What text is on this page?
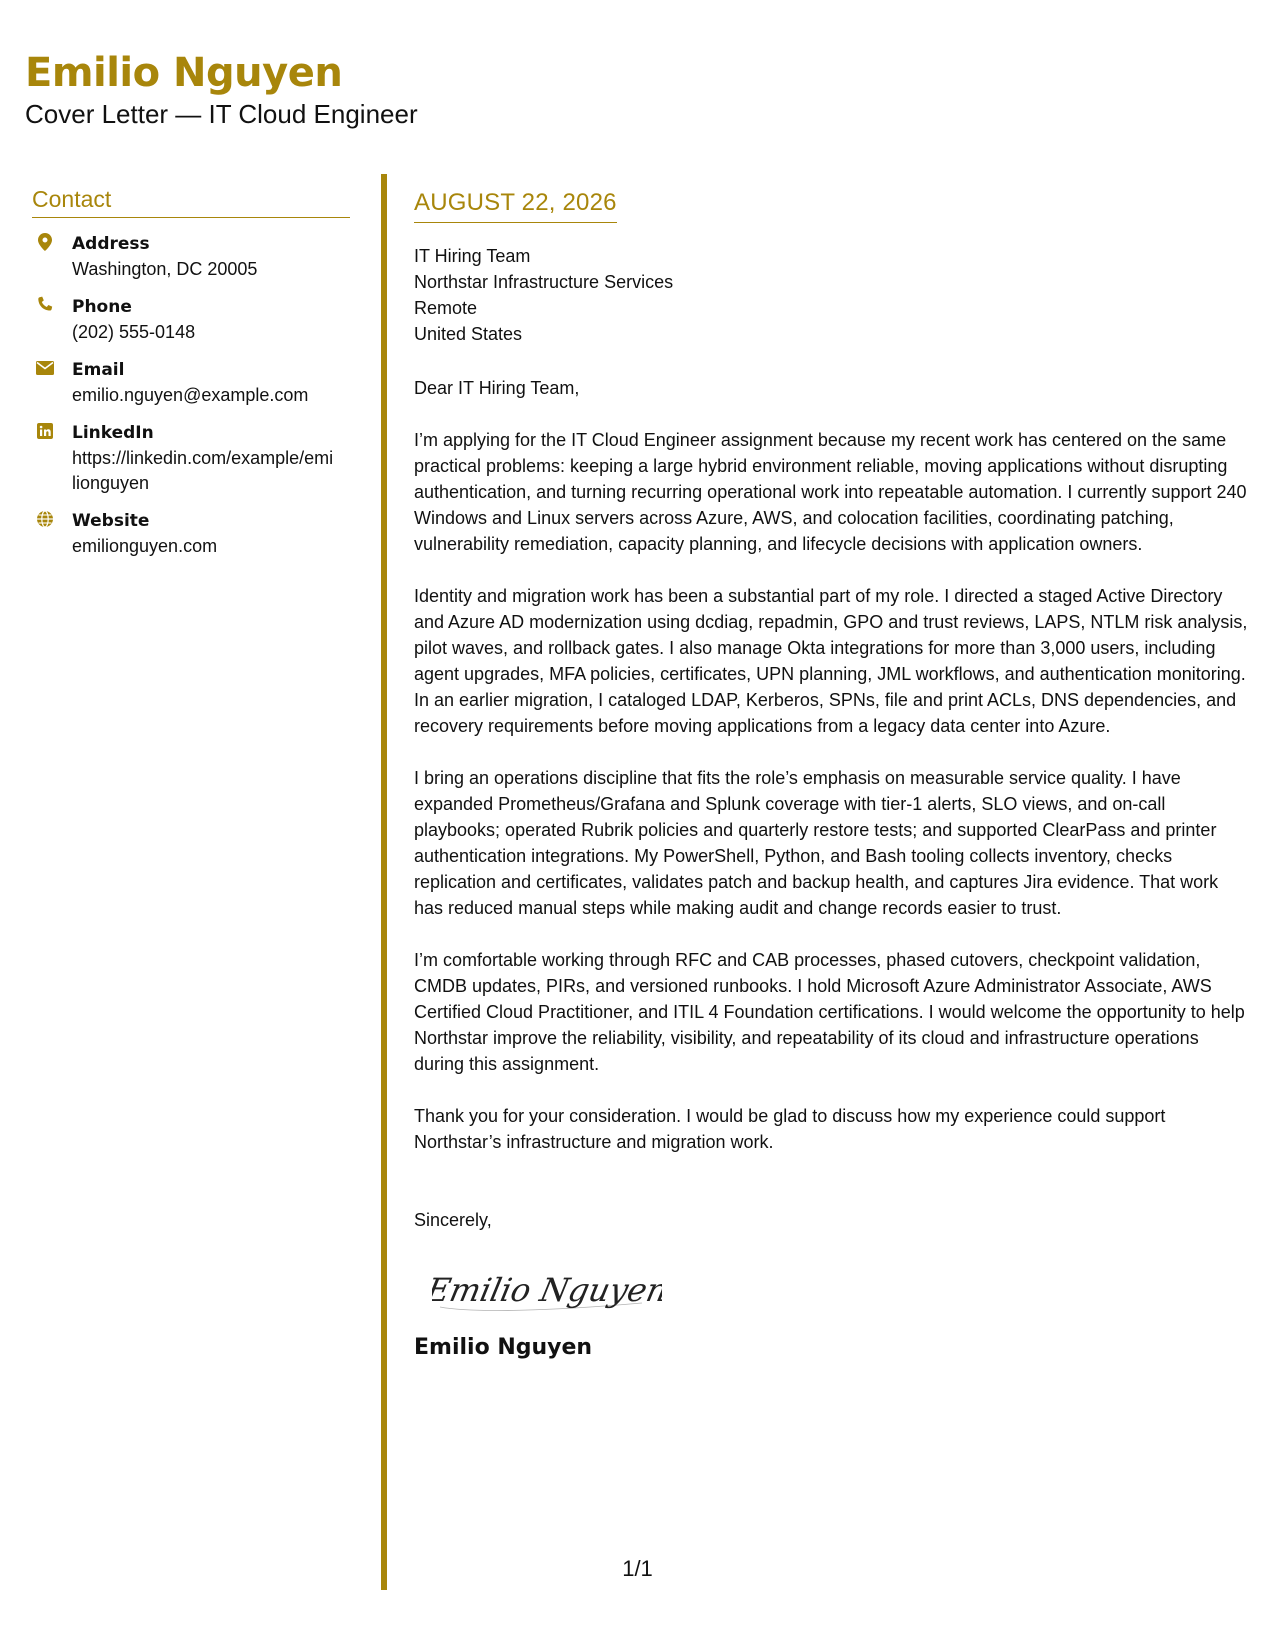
Emilio Nguyen
Cover Letter — IT Cloud Engineer
Contact
Address
Washington, DC 20005
Phone
(202) 555-0148
Email
emilio.nguyen@example.com
LinkedIn
https://linkedin.com/example/emilionguyen
Website
emilionguyen.com
AUGUST 22, 2026
IT Hiring Team
Northstar Infrastructure Services
Remote
United States
Dear IT Hiring Team,
I’m applying for the IT Cloud Engineer assignment because my recent work has centered on the same practical problems: keeping a large hybrid environment reliable, moving applications without disrupting authentication, and turning recurring operational work into repeatable automation. I currently support 240 Windows and Linux servers across Azure, AWS, and colocation facilities, coordinating patching, vulnerability remediation, capacity planning, and lifecycle decisions with application owners.
Identity and migration work has been a substantial part of my role. I directed a staged Active Directory and Azure AD modernization using dcdiag, repadmin, GPO and trust reviews, LAPS, NTLM risk analysis, pilot waves, and rollback gates. I also manage Okta integrations for more than 3,000 users, including agent upgrades, MFA policies, certificates, UPN planning, JML workflows, and authentication monitoring. In an earlier migration, I cataloged LDAP, Kerberos, SPNs, file and print ACLs, DNS dependencies, and recovery requirements before moving applications from a legacy data center into Azure.
I bring an operations discipline that fits the role’s emphasis on measurable service quality. I have expanded Prometheus/Grafana and Splunk coverage with tier-1 alerts, SLO views, and on-call playbooks; operated Rubrik policies and quarterly restore tests; and supported ClearPass and printer authentication integrations. My PowerShell, Python, and Bash tooling collects inventory, checks replication and certificates, validates patch and backup health, and captures Jira evidence. That work has reduced manual steps while making audit and change records easier to trust.
I’m comfortable working through RFC and CAB processes, phased cutovers, checkpoint validation, CMDB updates, PIRs, and versioned runbooks. I hold Microsoft Azure Administrator Associate, AWS Certified Cloud Practitioner, and ITIL 4 Foundation certifications. I would welcome the opportunity to help Northstar improve the reliability, visibility, and repeatability of its cloud and infrastructure operations during this assignment.
Thank you for your consideration. I would be glad to discuss how my experience could support Northstar’s infrastructure and migration work.
Sincerely,
Emilio Nguyen
Emilio Nguyen
1/1
